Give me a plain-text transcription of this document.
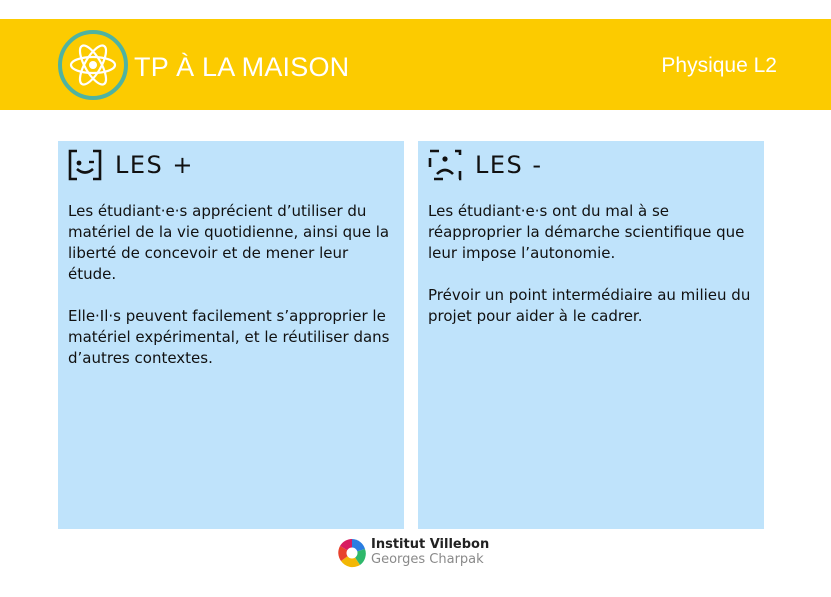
TP À LA MAISON	Physique L2
LES +

Les étudiant·e·s apprécient d’utiliser du matériel de la vie quotidienne, ainsi que la liberté de concevoir et de mener leur étude.

Elle·Il·s peuvent facilement s’approprier le matériel expérimental, et le réutiliser dans d’autres contextes.

LES -

Les étudiant·e·s ont du mal à se réapproprier la démarche scientifique que leur impose l’autonomie.

Prévoir un point intermédiaire au milieu du projet pour aider à le cadrer.

Institut Villebon
Georges Charpak
